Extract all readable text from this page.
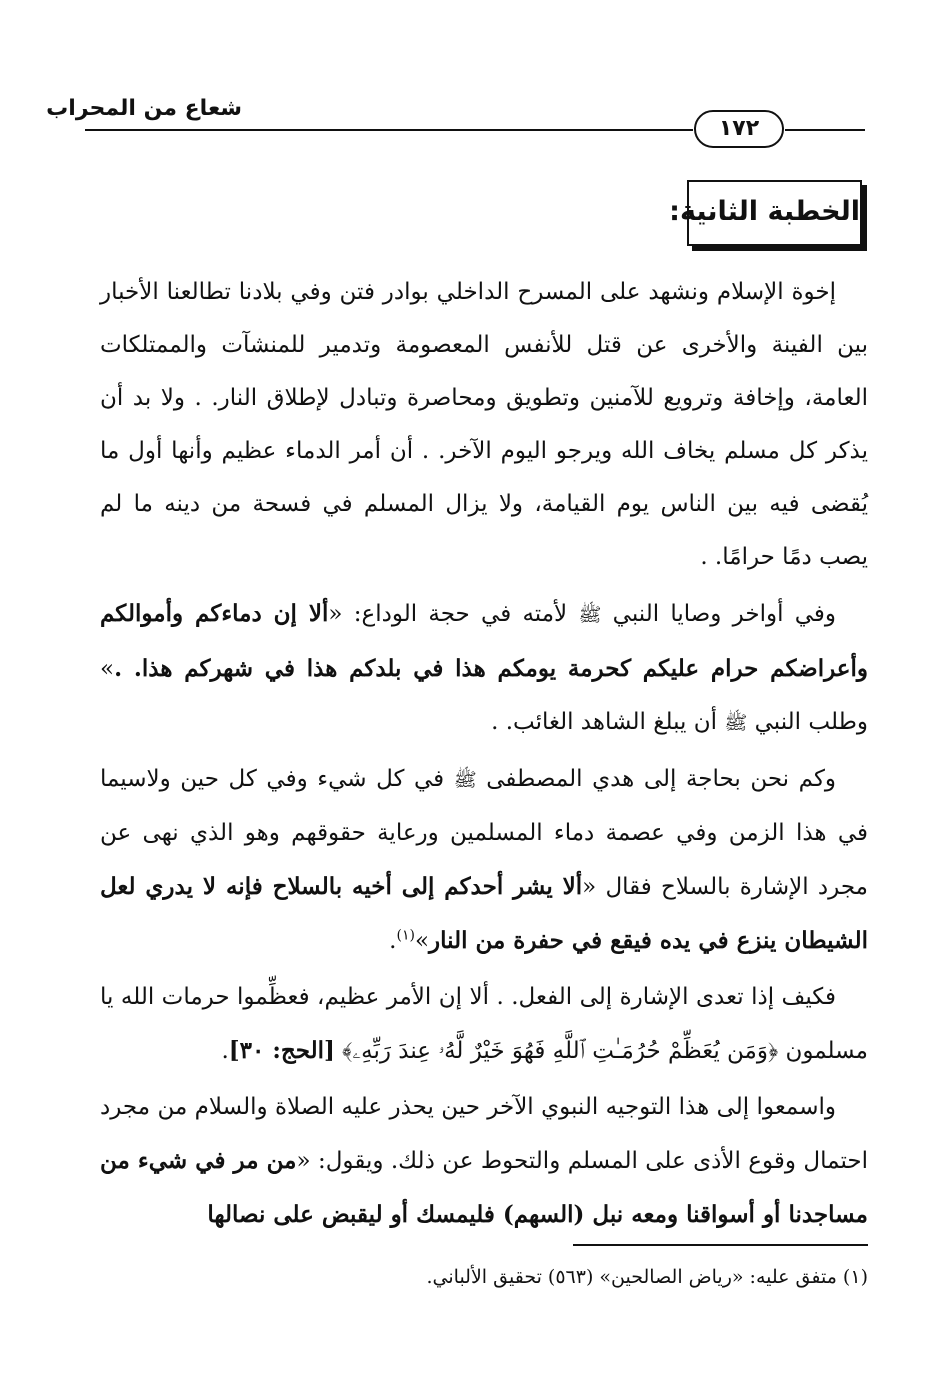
شعاع من المحراب
١٧٢
الخطبة الثانية:

إخوة الإسلام ونشهد على المسرح الداخلي بوادر فتن وفي بلادنا تطالعنا الأخبار بين الفينة والأخرى عن قتل للأنفس المعصومة وتدمير للمنشآت والممتلكات العامة، وإخافة وترويع للآمنين وتطويق ومحاصرة وتبادل لإطلاق النار. . ولا بد أن يذكر كل مسلم يخاف الله ويرجو اليوم الآخر. . أن أمر الدماء عظيم وأنها أول ما يُقضى فيه بين الناس يوم القيامة، ولا يزال المسلم في فسحة من دينه ما لم يصب دمًا حرامًا. .

وفي أواخر وصايا النبي ﷺ لأمته في حجة الوداع: «ألا إن دماءكم وأموالكم وأعراضكم حرام عليكم كحرمة يومكم هذا في بلدكم هذا في شهركم هذا. .» وطلب النبي ﷺ أن يبلغ الشاهد الغائب. .

وكم نحن بحاجة إلى هدي المصطفى ﷺ في كل شيء وفي كل حين ولاسيما في هذا الزمن وفي عصمة دماء المسلمين ورعاية حقوقهم وهو الذي نهى عن مجرد الإشارة بالسلاح فقال «ألا يشر أحدكم إلى أخيه بالسلاح فإنه لا يدري لعل الشيطان ينزع في يده فيقع في حفرة من النار»$^{(١)}$.

فكيف إذا تعدى الإشارة إلى الفعل. . ألا إن الأمر عظيم، فعظِّموا حرمات الله يا مسلمون ﴿وَمَن يُعَظِّمْ حُرُمَـٰتِ ٱللَّهِ فَهُوَ خَيْرٌ لَّهُۥ عِندَ رَبِّهِۦ﴾ [الحج: ٣٠].

واسمعوا إلى هذا التوجيه النبوي الآخر حين يحذر عليه الصلاة والسلام من مجرد احتمال وقوع الأذى على المسلم والتحوط عن ذلك. ويقول: «من مر في شيء من مساجدنا أو أسواقنا ومعه نبل (السهم) فليمسك أو ليقبض على نصالها

(١) متفق عليه: «رياض الصالحين» (٥٦٣) تحقيق الألباني.
